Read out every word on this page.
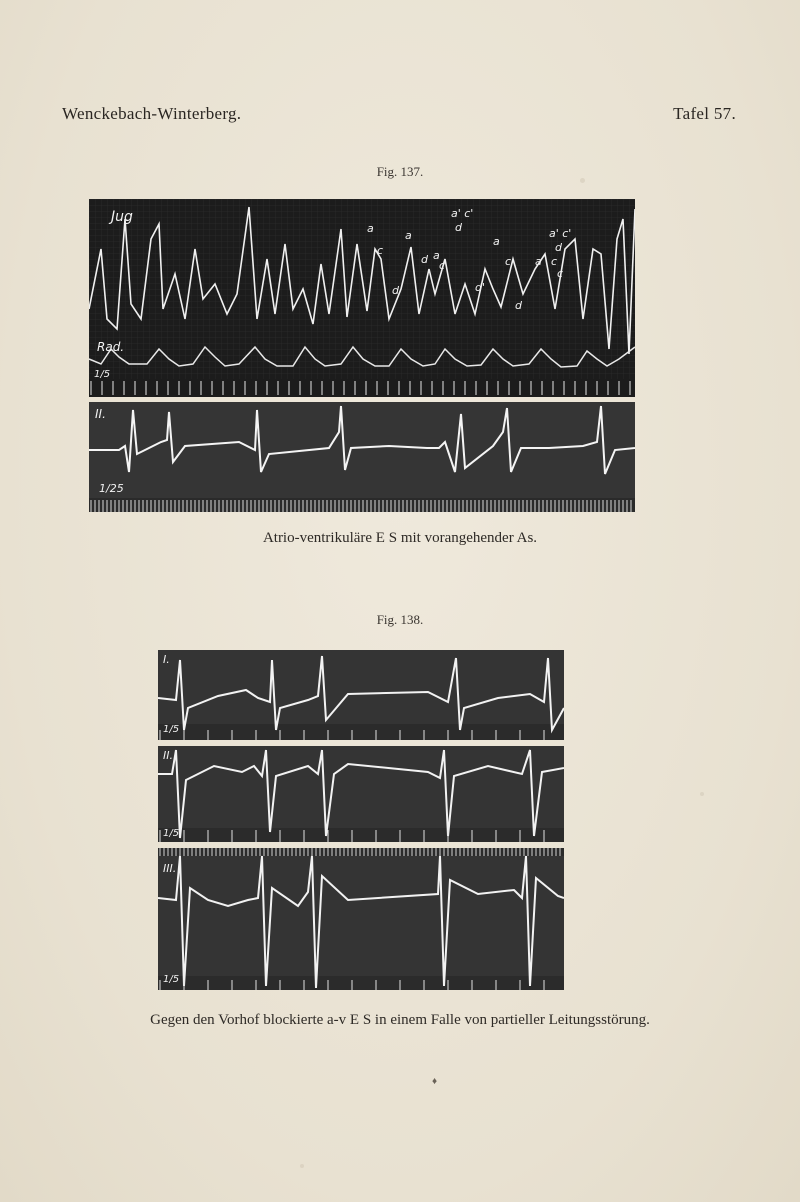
Wenckebach-Winterberg.	Tafel 57.
Fig. 137.
Jug
Rad.
1/5
a
a
c	a
c
d
d
a
c
d'
a c
d
a' c'
d	a' c'
d
c
II.
1/25
Atrio-ventrikuläre E S mit vorangehender As.
Fig. 138.
I.
1/5
II.
1/5
III.
1/5
Gegen den Vorhof blockierte a-v E S in einem Falle von partieller Leitungsstörung.
♦
